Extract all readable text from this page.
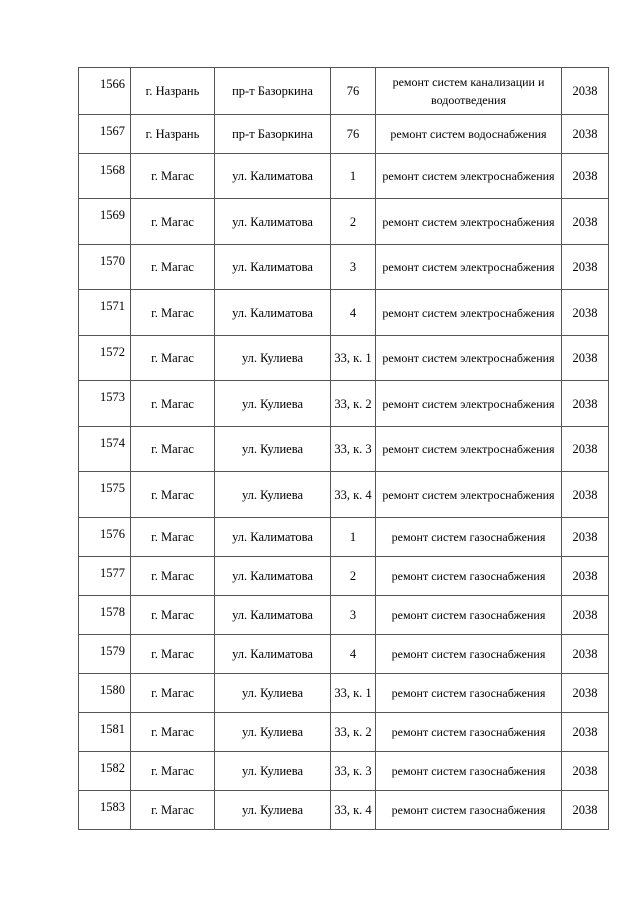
1566	г. Назрань	пр-т Базоркина	76	ремонт систем канализации и водоотведения	2038
1567	г. Назрань	пр-т Базоркина	76	ремонт систем водоснабжения	2038
1568	г. Магас	ул. Калиматова	1	ремонт систем электроснабжения	2038
1569	г. Магас	ул. Калиматова	2	ремонт систем электроснабжения	2038
1570	г. Магас	ул. Калиматова	3	ремонт систем электроснабжения	2038
1571	г. Магас	ул. Калиматова	4	ремонт систем электроснабжения	2038
1572	г. Магас	ул. Кулиева	33, к. 1	ремонт систем электроснабжения	2038
1573	г. Магас	ул. Кулиева	33, к. 2	ремонт систем электроснабжения	2038
1574	г. Магас	ул. Кулиева	33, к. 3	ремонт систем электроснабжения	2038
1575	г. Магас	ул. Кулиева	33, к. 4	ремонт систем электроснабжения	2038
1576	г. Магас	ул. Калиматова	1	ремонт систем газоснабжения	2038
1577	г. Магас	ул. Калиматова	2	ремонт систем газоснабжения	2038
1578	г. Магас	ул. Калиматова	3	ремонт систем газоснабжения	2038
1579	г. Магас	ул. Калиматова	4	ремонт систем газоснабжения	2038
1580	г. Магас	ул. Кулиева	33, к. 1	ремонт систем газоснабжения	2038
1581	г. Магас	ул. Кулиева	33, к. 2	ремонт систем газоснабжения	2038
1582	г. Магас	ул. Кулиева	33, к. 3	ремонт систем газоснабжения	2038
1583	г. Магас	ул. Кулиева	33, к. 4	ремонт систем газоснабжения	2038
